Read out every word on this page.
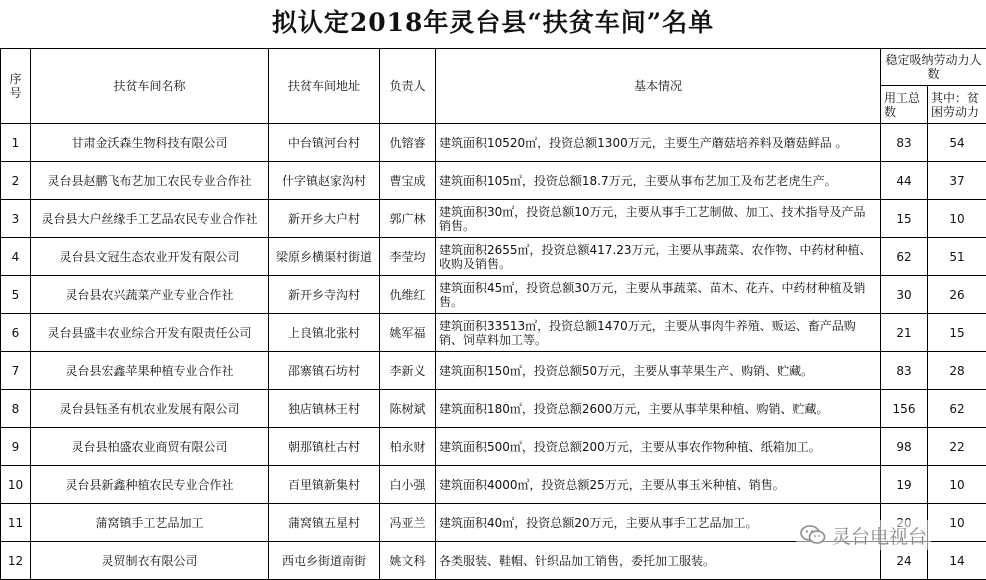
拟认定2018年灵台县“扶贫车间”名单
序号	扶贫车间名称	扶贫车间地址	负责人	基本情况	稳定吸纳劳动力人数	
					用工总数	其中：贫困劳动力
1	甘肃金沃森生物科技有限公司	中台镇河台村	仇镕睿	建筑面积10520㎡，投资总额1300万元，主要生产蘑菇培养料及蘑菇鲜品 。	83	54
2	灵台县赵鹏飞布艺加工农民专业合作社	什字镇赵家沟村	曹宝成	建筑面积105㎡，投资总额18.7万元，主要从事布艺加工及布艺老虎生产。	44	37
3	灵台县大户丝缘手工艺品农民专业合作社	新开乡大户村	郭广林	建筑面积30㎡，投资总额10万元，主要从事手工艺制做、加工、技术指导及产品销售。	15	10
4	灵台县文冠生态农业开发有限公司	梁原乡横渠村街道	李莹均	建筑面积2655㎡，投资总额417.23万元，主要从事蔬菜、农作物、中药材种植、收购及销售。	62	51
5	灵台县农兴蔬菜产业专业合作社	新开乡寺沟村	仇维红	建筑面积45㎡，投资总额30万元，主要从事蔬菜、苗木、花卉、中药材种植及销售。	30	26
6	灵台县盛丰农业综合开发有限责任公司	上良镇北张村	姚军福	建筑面积33513㎡，投资总额1470万元，主要从事肉牛养殖、贩运、畜产品购销、饲草料加工等。	21	15
7	灵台县宏鑫苹果种植专业合作社	邵寨镇石坊村	李新义	建筑面积150㎡，投资总额50万元，主要从事苹果生产、购销、贮藏。	83	28
8	灵台县钰圣有机农业发展有限公司	独店镇林王村	陈树斌	建筑面积180㎡，投资总额2600万元，主要从事苹果种植、购销、贮藏。	156	62
9	灵台县柏盛农业商贸有限公司	朝那镇杜古村	柏永财	建筑面积500㎡，投资总额200万元，主要从事农作物种植、纸箱加工。	98	22
10	灵台县新鑫种植农民专业合作社	百里镇新集村	白小强	建筑面积4000㎡，投资总额25万元，主要从事玉米种植、销售。	19	10
11	蒲窝镇手工艺品加工	蒲窝镇五星村	冯亚兰	建筑面积40㎡，投资总额20万元，主要从事手工艺品加工。		10
12	灵贸制衣有限公司	西屯乡街道南街	姚文科	各类服装、鞋帽、针织品加工销售，委托加工服装。	24	14
灵台电视台
